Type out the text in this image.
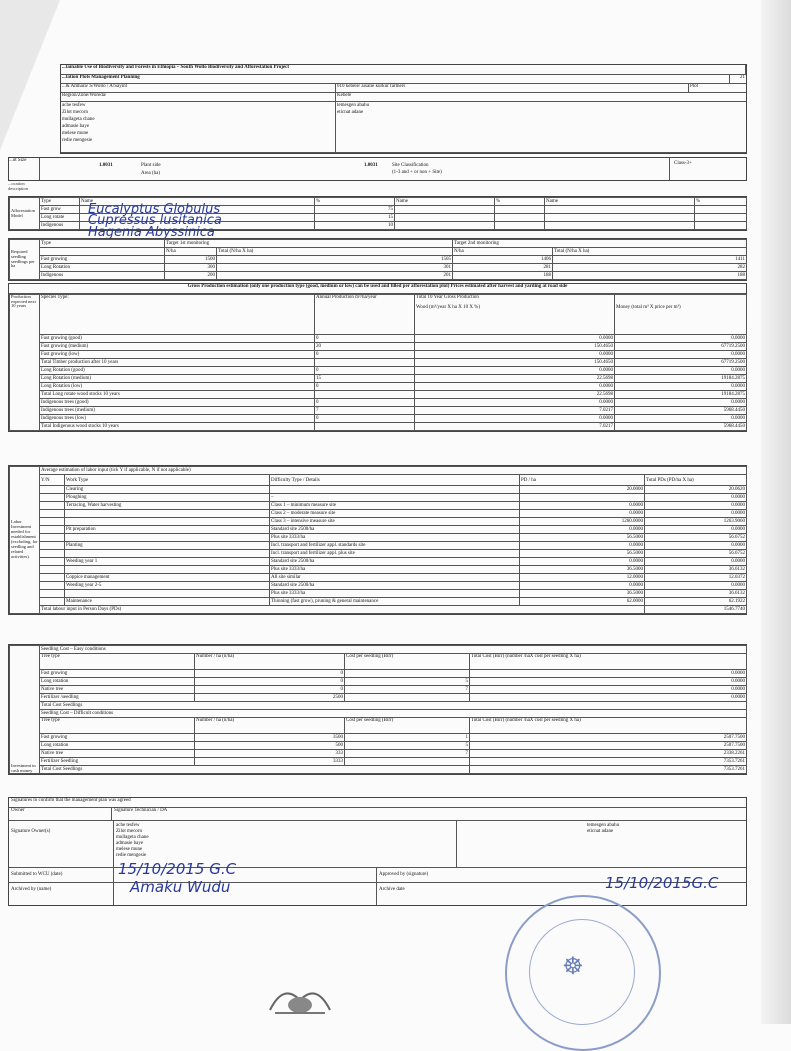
...tainable Use of Biodiversity and Forests in Ethiopia – South Wollo Biodiversity and Afforestation Project
...tation Plots Management Planning	21
...& Amhara/ S/Wollo / A/Sayint	010 kebele/ aisalie kurkur farmers	Plot
Region/Zone/Woreda/	Kebele
ache tesfew
Zilot mecorn
mullageta chane
admasie baye
melese mune
redie mengesie
temesgen abahu
eticnat adane
...ot Size
1.0031	Plant side
Area (ha)
1.0031	Site Classification
(1-3 and + or non + Site)
Class-3+
...ocation description
Afforestation Model	Type	Name	%	Name	%	Name	%
	Fast grow		75				
	Long rotate		15				
	Indigenous		10				
Eucalyptus Globulus
Cupressus lusitanica
Hagenia Abyssinica
Required seedling seedlings per ha	Type	Target 1st monitoring		Target 2nd monitoring	
		N/ha	Total (N/ha X ha)	N/ha	Total (N/ha X ha)
	Fast growing	1500	1505	1406	1411
	Long Rotation	300	301	281	282
	Indigenous	200	201	188	188
Gross Production estimation (only one production type (good, medium or low) can be used and filled per afforestation plot) Prices estimated after harvest and yarding at road side
Production expected next 10 years	Species Type:	Annual Production m³/ha/year	Total 10 Year Gross Production

Wood (m³/year X ha X 10 X %)	Money (total m³ X price per m³)
	Fast growing (good)	0	0.0000	0.0000
	Fast growing (medium)	20	150.4650	67719.2500
	Fast growing (low)	0	0.0000	0.0000
	Total Timber production after 10 years		150.4650	67719.2500
	Long Rotation (good)	0	0.0000	0.0000
	Long Rotation (medium)	15	22.5698	19184.2875
	Long Rotation (low)	0	0.0000	0.0000
	Total Long rotate wood stocks 10 years		22.5698	19184.2875
	Indigenous trees (good)	0	0.0000	0.0000
	Indigenous trees (medium)	7	7.0217	5968.4450
	Indigenous trees (low)	0	0.0000	0.0000
	Total Indigenous wood stocks 10 years		7.0217	5968.4450
Labor Investment needed for establishment (excluding, for seedling and related activities)	Average estimation of labor input (tick Y if applicable, N if not applicable)				
	Y/N	Work Type	Difficulty Type / Details	PD / ha	Total PDs (PD/ha X ha)
		Clearing		20.0000	20.0620
		Ploughing	–		0.0000
		Terracing, Water harvesting	Class 1 – minimum measure site	0.0000	0.0000
			Class 2 – moderate measure site	0.0000	0.0000
			Class 3 – intensive measure site	1260.0000	1263.9060
		Pit preparation	Standard site 2500/ha	0.0000	0.0000
			Plus site 3333/ha	56.5000	56.6752
		Planting	Incl. transport and fertilizer appl. standards site	0.0000	0.0000
			Incl. transport and fertilizer appl. plus site	56.5000	56.6752
		Weeding year 1	Standard site 2500/ha	0.0000	0.0000
			Plus site 3333/ha	36.5000	36.6132
		Coppice management	All site similar	12.0000	12.0372
		Weeding year 2-5	Standard site 2500/ha	0.0000	0.0000
			Plus site 3333/ha	36.5000	36.6132
		Maintenance	Thinning (fast grow), pruning & general maintenance	62.0000	62.1922
	Total labour input in Person Days (PDs)				1546.7740
Investment in cash money	Seedling Cost – Easy conditions			
	Tree type	Number / ha (n/ha)	Cost per seedling (Birr)	Total Cost (Birr) (number /haX cost per seedling X ha)
	Fast growing	0		0.0000
	Long rotation	0	5	0.0000
	Native tree	0	7	0.0000
	Fertilizer /seedling	2500		0.0000
	Total Cost Seedlings			
	Seedling Cost – Difficult conditions			
	Tree type	Number / ha (n/ha)	Cost per seedling (Birr)	Total Cost (Birr) (number /haX cost per seedling X ha)
	Fast growing	3500	1	2507.7500
	Long rotation	500	5	2507.7500
	Native tree	333	7	2338.2261
	Fertilizer Seedling	3333		7353.7261
	Total Cost Seedlings			7353.7261
Signatures to confirm that the management plan was agreed
Owner	Signature Technician / DA
Signature Owner(s)
ache tesfew
Zilot mecorn
mullageta chane
admasie baye
melese mune
redie mengesie
temesgen abahu
eticnat adane
Submitted to WCU (date)	Approved by (signature)
Archived by (name)	Archive date
15/10/2015 G.C
Amaku Wudu	15/10/2015G.C
☸
